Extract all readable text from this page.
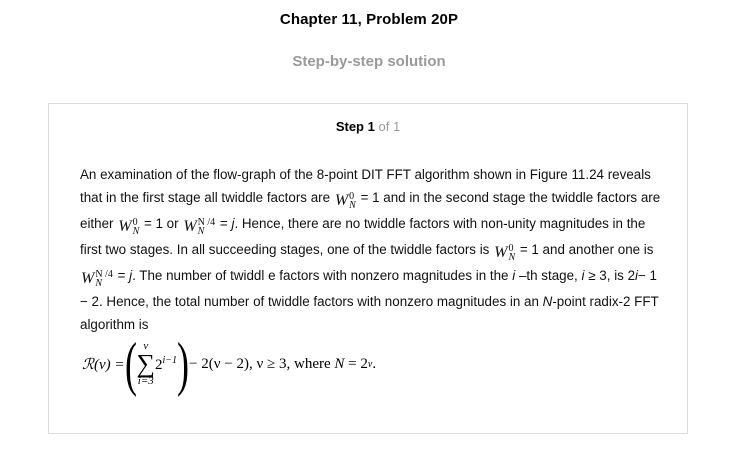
Chapter 11, Problem 20P
Step-by-step solution
Step 1 of 1

An examination of the flow-graph of the 8-point DIT FFT algorithm shown in Figure 11.24 reveals that in the first stage all twiddle factors are W 0
N = 1 and in the second stage the twiddle factors are either W 0
N = 1 or W N /4
N	= j. Hence, there are no twiddle factors with non-unity magnitudes in the first two stages. In all succeeding stages, one of the twiddle factors is W 0
N = 1 and another one is
W N /4
N	= j. The number of twiddl e factors with nonzero magnitudes in the i –th stage, i ≥ 3, is 2i− 1 − 2. Hence, the total number of twiddle factors with nonzero magnitudes in an N-point radix-2 FFT algorithm is

ℛ(ν) = ( ν
∑
i=3
$2^{i-1}$ ) − 2(ν − 2), ν ≥ 3, where
N
= 2 ν .
